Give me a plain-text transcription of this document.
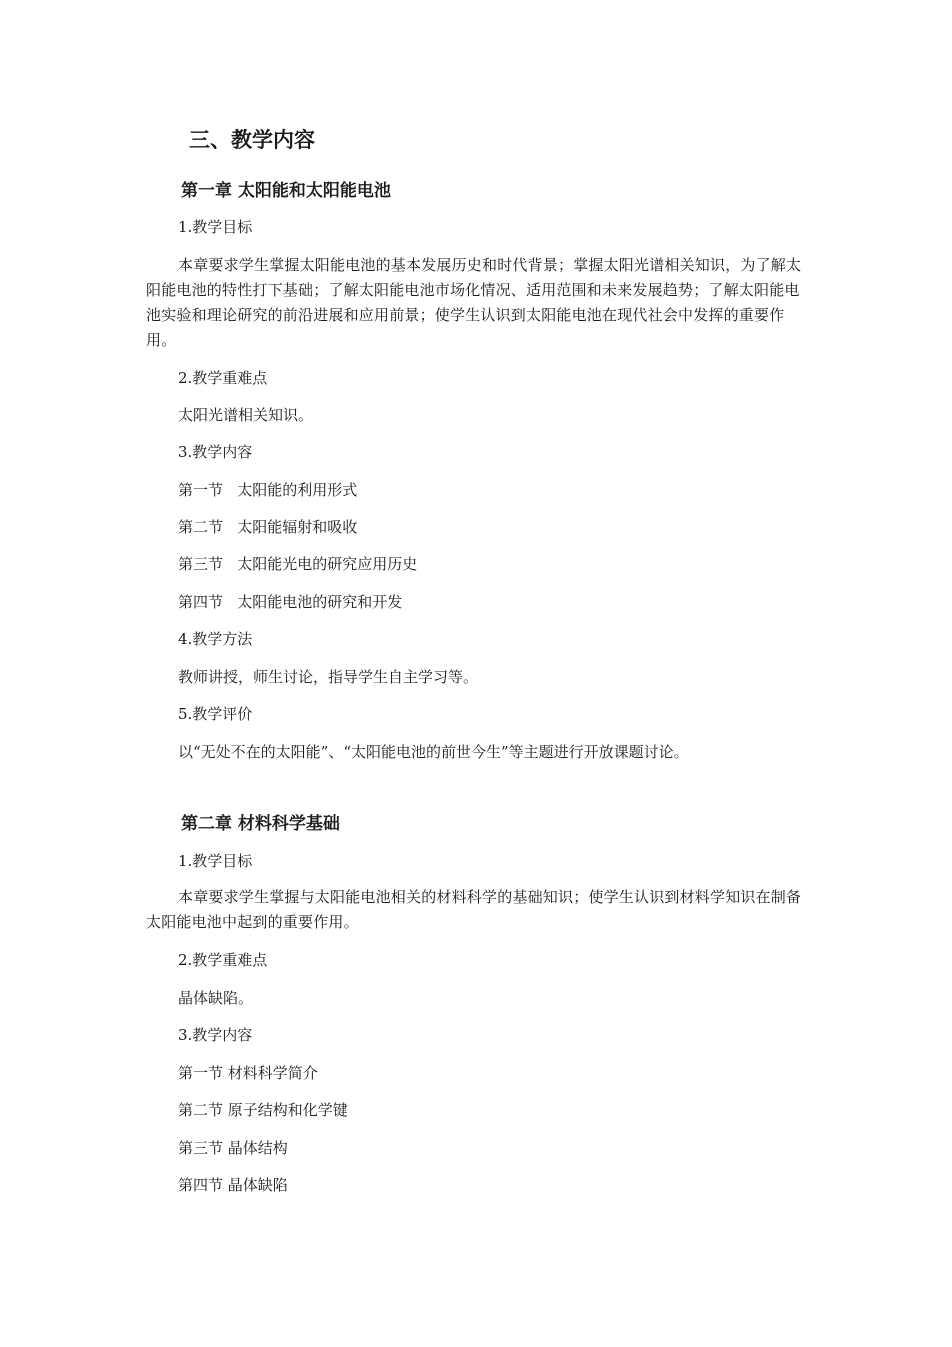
三、教学内容
第一章 太阳能和太阳能电池

1.教学目标

本章要求学生掌握太阳能电池的基本发展历史和时代背景；掌握太阳光谱相关知识，为了解太阳能电池的特性打下基础；了解太阳能电池市场化情况、适用范围和未来发展趋势；了解太阳能电池实验和理论研究的前沿进展和应用前景；使学生认识到太阳能电池在现代社会中发挥的重要作用。

2.教学重难点

太阳光谱相关知识。

3.教学内容

第一节   太阳能的利用形式

第二节   太阳能辐射和吸收

第三节   太阳能光电的研究应用历史

第四节   太阳能电池的研究和开发

4.教学方法

教师讲授，师生讨论，指导学生自主学习等。

5.教学评价

以“无处不在的太阳能”、“太阳能电池的前世今生”等主题进行开放课题讨论。

第二章 材料科学基础

1.教学目标

本章要求学生掌握与太阳能电池相关的材料科学的基础知识；使学生认识到材料学知识在制备太阳能电池中起到的重要作用。

2.教学重难点

晶体缺陷。

3.教学内容

第一节 材料科学简介

第二节 原子结构和化学键

第三节 晶体结构

第四节 晶体缺陷
